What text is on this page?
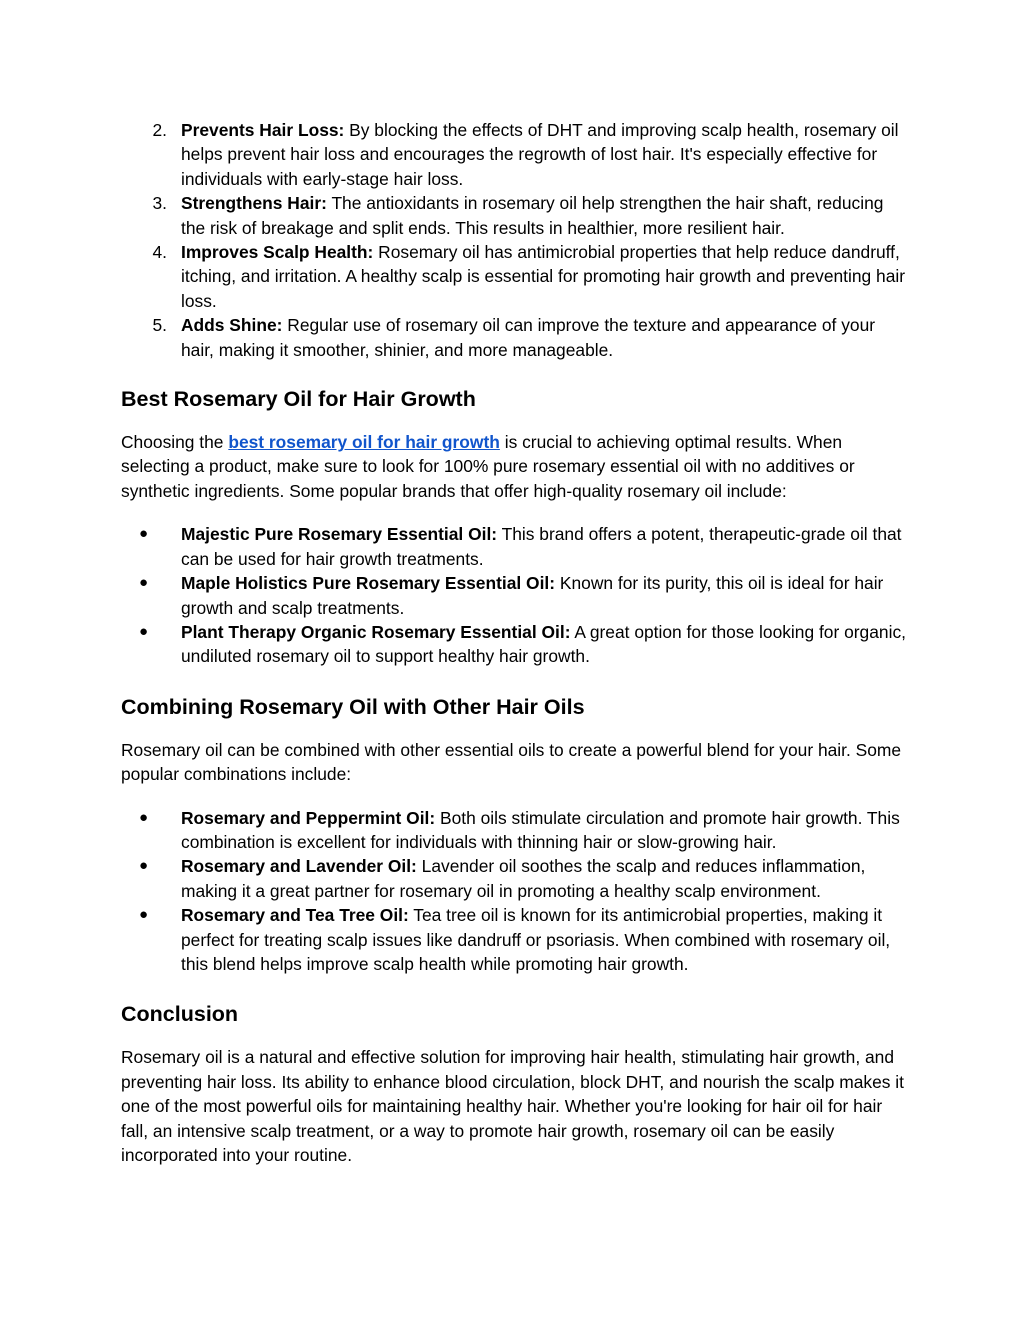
2. Prevents Hair Loss: By blocking the effects of DHT and improving scalp health, rosemary oil helps prevent hair loss and encourages the regrowth of lost hair. It's especially effective for individuals with early-stage hair loss.
3. Strengthens Hair: The antioxidants in rosemary oil help strengthen the hair shaft, reducing the risk of breakage and split ends. This results in healthier, more resilient hair.
4. Improves Scalp Health: Rosemary oil has antimicrobial properties that help reduce dandruff, itching, and irritation. A healthy scalp is essential for promoting hair growth and preventing hair loss.
5. Adds Shine: Regular use of rosemary oil can improve the texture and appearance of your hair, making it smoother, shinier, and more manageable.
Best Rosemary Oil for Hair Growth

Choosing the best rosemary oil for hair growth is crucial to achieving optimal results. When selecting a product, make sure to look for 100% pure rosemary essential oil with no additives or synthetic ingredients. Some popular brands that offer high-quality rosemary oil include:

●	Majestic Pure Rosemary Essential Oil: This brand offers a potent, therapeutic-grade oil that can be used for hair growth treatments.
●	Maple Holistics Pure Rosemary Essential Oil: Known for its purity, this oil is ideal for hair growth and scalp treatments.
●	Plant Therapy Organic Rosemary Essential Oil: A great option for those looking for organic, undiluted rosemary oil to support healthy hair growth.
Combining Rosemary Oil with Other Hair Oils

Rosemary oil can be combined with other essential oils to create a powerful blend for your hair. Some popular combinations include:

●	Rosemary and Peppermint Oil: Both oils stimulate circulation and promote hair growth. This combination is excellent for individuals with thinning hair or slow-growing hair.
●	Rosemary and Lavender Oil: Lavender oil soothes the scalp and reduces inflammation, making it a great partner for rosemary oil in promoting a healthy scalp environment.
●	Rosemary and Tea Tree Oil: Tea tree oil is known for its antimicrobial properties, making it perfect for treating scalp issues like dandruff or psoriasis. When combined with rosemary oil, this blend helps improve scalp health while promoting hair growth.
Conclusion

Rosemary oil is a natural and effective solution for improving hair health, stimulating hair growth, and preventing hair loss. Its ability to enhance blood circulation, block DHT, and nourish the scalp makes it one of the most powerful oils for maintaining healthy hair. Whether you're looking for hair oil for hair fall, an intensive scalp treatment, or a way to promote hair growth, rosemary oil can be easily incorporated into your routine.
